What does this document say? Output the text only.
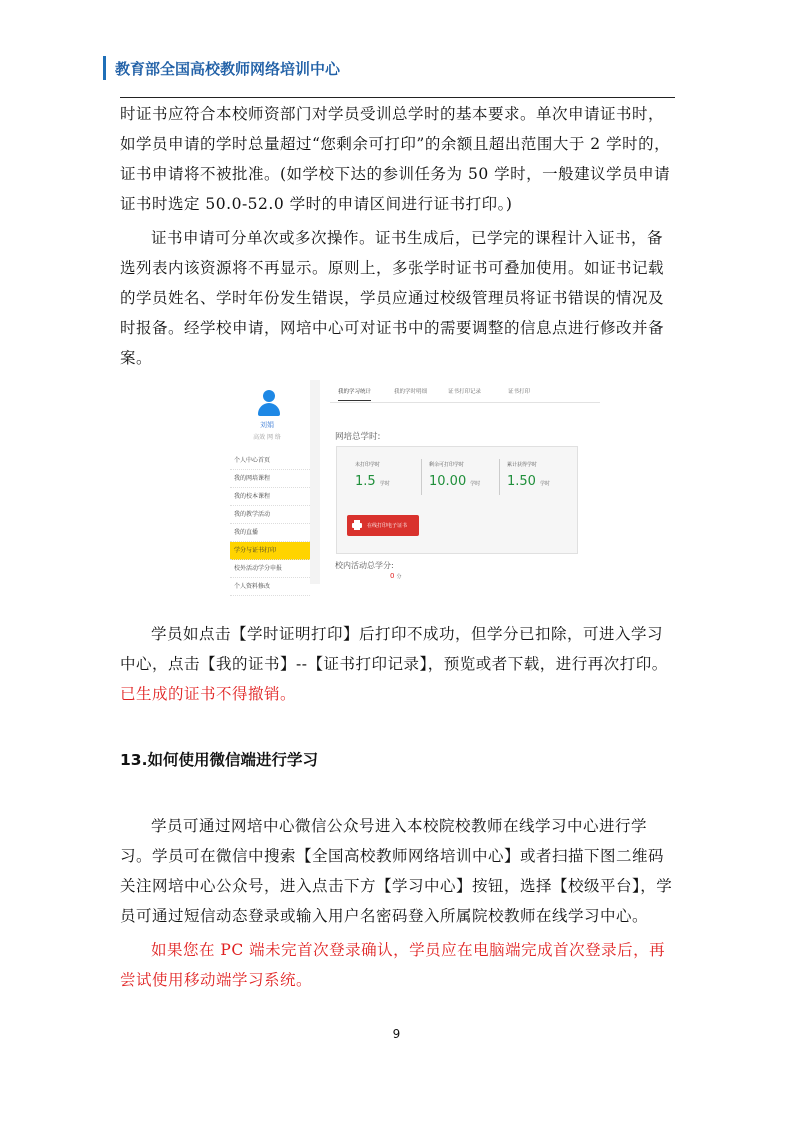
教育部全国高校教师网络培训中心
时证书应符合本校师资部门对学员受训总学时的基本要求。单次申请证书时，如学员申请的学时总量超过“您剩余可打印”的余额且超出范围大于 2 学时的，证书申请将不被批准。(如学校下达的参训任务为 50 学时，一般建议学员申请证书时选定 50.0-52.0 学时的申请区间进行证书打印。)
证书申请可分单次或多次操作。证书生成后，已学完的课程计入证书，备选列表内该资源将不再显示。原则上，多张学时证书可叠加使用。如证书记载的学员姓名、学时年份发生错误，学员应通过校级管理员将证书错误的情况及时报备。经学校申请，网培中心可对证书中的需要调整的信息点进行修改并备案。
刘娟
高效 网 络
个人中心首页
我的网培课程
我的校本课程
我的教学活动
我的直播
学分与证书打印
校外活动学分申报
个人资料修改
我的学习统计	我的学时明细	证书打印记录	证书打印
网培总学时:
未打印学时
1.5 学时
剩余可打印学时
10.00 学时
累计获得学时
1.50 学时
在线打印电子证书
校内活动总学分:
0 分
学员如点击【学时证明打印】后打印不成功，但学分已扣除，可进入学习中心，点击【我的证书】--【证书打印记录】，预览或者下载，进行再次打印。已生成的证书不得撤销。
13.如何使用微信端进行学习
学员可通过网培中心微信公众号进入本校院校教师在线学习中心进行学习。学员可在微信中搜索【全国高校教师网络培训中心】或者扫描下图二维码关注网培中心公众号，进入点击下方【学习中心】按钮，选择【校级平台】，学员可通过短信动态登录或输入用户名密码登入所属院校教师在线学习中心。
如果您在 PC 端未完首次登录确认，学员应在电脑端完成首次登录后，再尝试使用移动端学习系统。
9
